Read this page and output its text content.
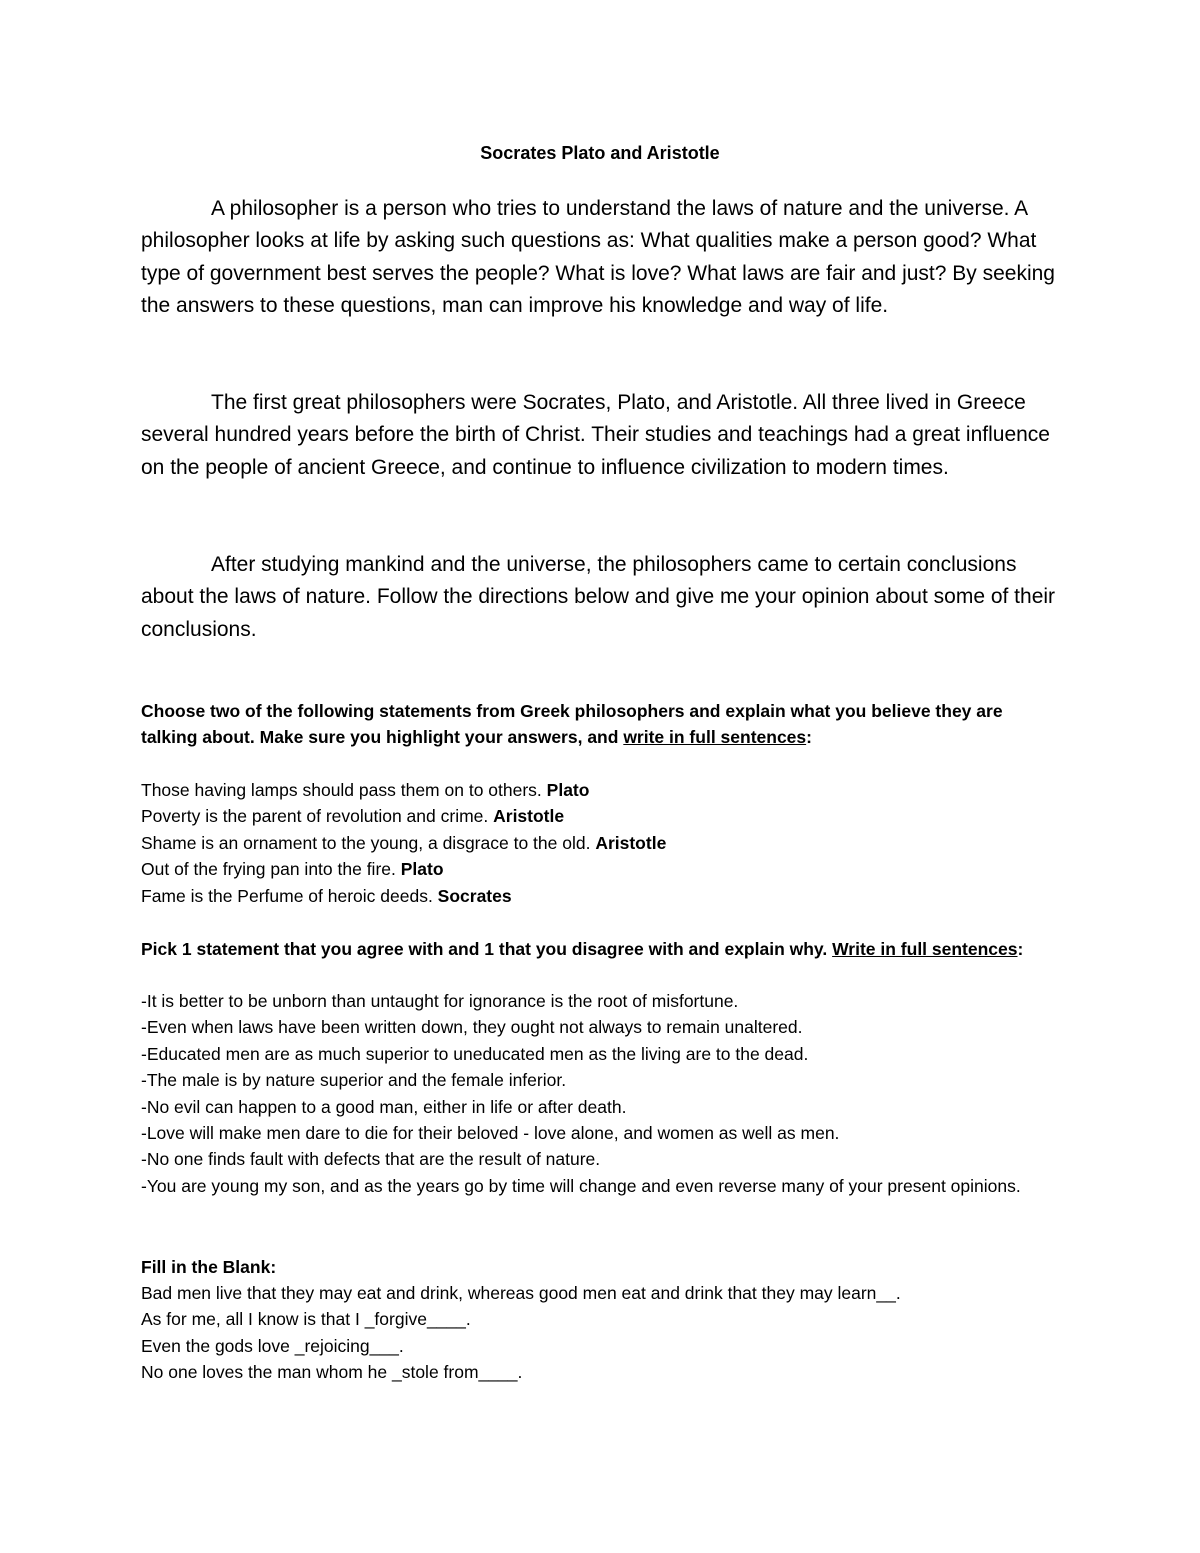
Socrates Plato and Aristotle

A philosopher is a person who tries to understand the laws of nature and the universe. A philosopher looks at life by asking such questions as: What qualities make a person good? What type of government best serves the people? What is love? What laws are fair and just? By seeking the answers to these questions, man can improve his knowledge and way of life.

The first great philosophers were Socrates, Plato, and Aristotle. All three lived in Greece several hundred years before the birth of Christ. Their studies and teachings had a great influence on the people of ancient Greece, and continue to influence civilization to modern times.

After studying mankind and the universe, the philosophers came to certain conclusions about the laws of nature. Follow the directions below and give me your opinion about some of their conclusions.

Choose two of the following statements from Greek philosophers and explain what you believe they are talking about. Make sure you highlight your answers, and write in full sentences:

Those having lamps should pass them on to others. Plato
Poverty is the parent of revolution and crime. Aristotle
Shame is an ornament to the young, a disgrace to the old. Aristotle
Out of the frying pan into the fire. Plato
Fame is the Perfume of heroic deeds. Socrates

Pick 1 statement that you agree with and 1 that you disagree with and explain why. Write in full sentences:

-It is better to be unborn than untaught for ignorance is the root of misfortune.
-Even when laws have been written down, they ought not always to remain unaltered.
-Educated men are as much superior to uneducated men as the living are to the dead.
-The male is by nature superior and the female inferior.
-No evil can happen to a good man, either in life or after death.
-Love will make men dare to die for their beloved - love alone, and women as well as men.
-No one finds fault with defects that are the result of nature.
-You are young my son, and as the years go by time will change and even reverse many of your present opinions.

Fill in the Blank:

Bad men live that they may eat and drink, whereas good men eat and drink that they may learn__.
As for me, all I know is that I _forgive____.
Even the gods love _rejoicing___.
No one loves the man whom he _stole from____.
